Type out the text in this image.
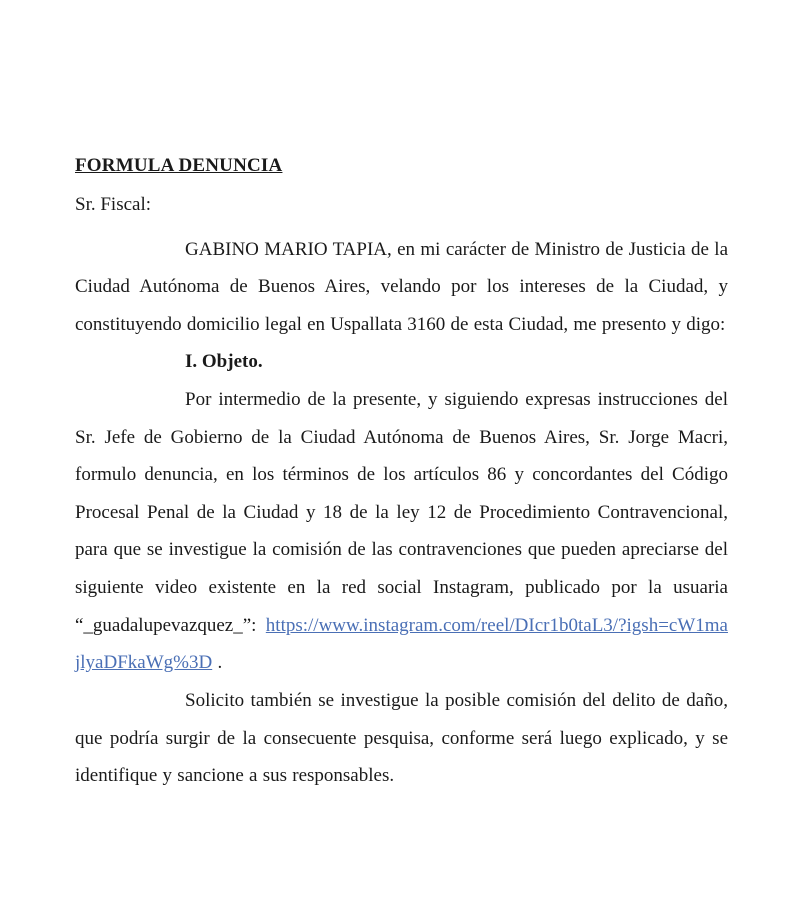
FORMULA DENUNCIA

Sr. Fiscal:

GABINO MARIO TAPIA, en mi carácter de Ministro de Justicia de la Ciudad Autónoma de Buenos Aires, velando por los intereses de la Ciudad, y constituyendo domicilio legal en Uspallata 3160 de esta Ciudad, me presento y digo:

I. Objeto.

Por intermedio de la presente, y siguiendo expresas instrucciones del Sr. Jefe de Gobierno de la Ciudad Autónoma de Buenos Aires, Sr. Jorge Macri, formulo denuncia, en los términos de los artículos 86 y concordantes del Código Procesal Penal de la Ciudad y 18 de la ley 12 de Procedimiento Contravencional, para que se investigue la comisión de las contravenciones que pueden apreciarse del siguiente video existente en la red social Instagram, publicado por la usuaria “_guadalupevazquez_”: https://www.instagram.com/reel/DIcr1b0taL3/?igsh=cW1majlyaDFkaWg%3D .

Solicito también se investigue la posible comisión del delito de daño, que podría surgir de la consecuente pesquisa, conforme será luego explicado, y se identifique y sancione a sus responsables.
